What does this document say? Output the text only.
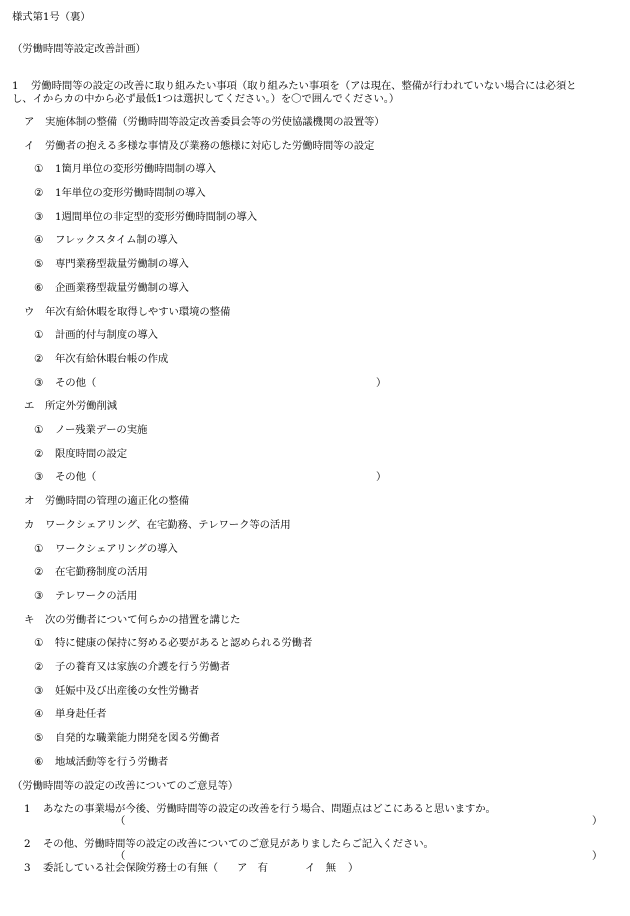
様式第1号（裏）
（労働時間等設定改善計画）
1 労働時間等の設定の改善に取り組みたい事項（取り組みたい事項を（アは現在、整備が行われていない場合には必須と
し、イからカの中から必ず最低1つは選択してください。）を〇で囲んでください。）
ア 実施体制の整備（労働時間等設定改善委員会等の労使協議機関の設置等）
イ 労働者の抱える多様な事情及び業務の態様に対応した労働時間等の設定
① 1箇月単位の変形労働時間制の導入
② 1年単位の変形労働時間制の導入
③ 1週間単位の非定型的変形労働時間制の導入
④ フレックスタイム制の導入
⑤ 専門業務型裁量労働制の導入
⑥ 企画業務型裁量労働制の導入
ウ 年次有給休暇を取得しやすい環境の整備
① 計画的付与制度の導入
② 年次有給休暇台帳の作成
③ その他（	）
エ 所定外労働削減
① ノー残業デーの実施
② 限度時間の設定
③ その他（	）
オ 労働時間の管理の適正化の整備
カ ワークシェアリング、在宅勤務、テレワーク等の活用
① ワークシェアリングの導入
② 在宅勤務制度の活用
③ テレワークの活用
キ 次の労働者について何らかの措置を講じた
① 特に健康の保持に努める必要があると認められる労働者
② 子の養育又は家族の介護を行う労働者
③ 妊娠中及び出産後の女性労働者
④ 単身赴任者
⑤ 自発的な職業能力開発を図る労働者
⑥ 地域活動等を行う労働者
（労働時間等の設定の改善についてのご意見等）
1 あなたの事業場が今後、労働時間等の設定の改善を行う場合、問題点はどこにあると思いますか。
（	）
2 その他、労働時間等の設定の改善についてのご意見がありましたらご記入ください。
（	）
3 委託している社会保険労務士の有無（ ア　有	イ　無 ）
